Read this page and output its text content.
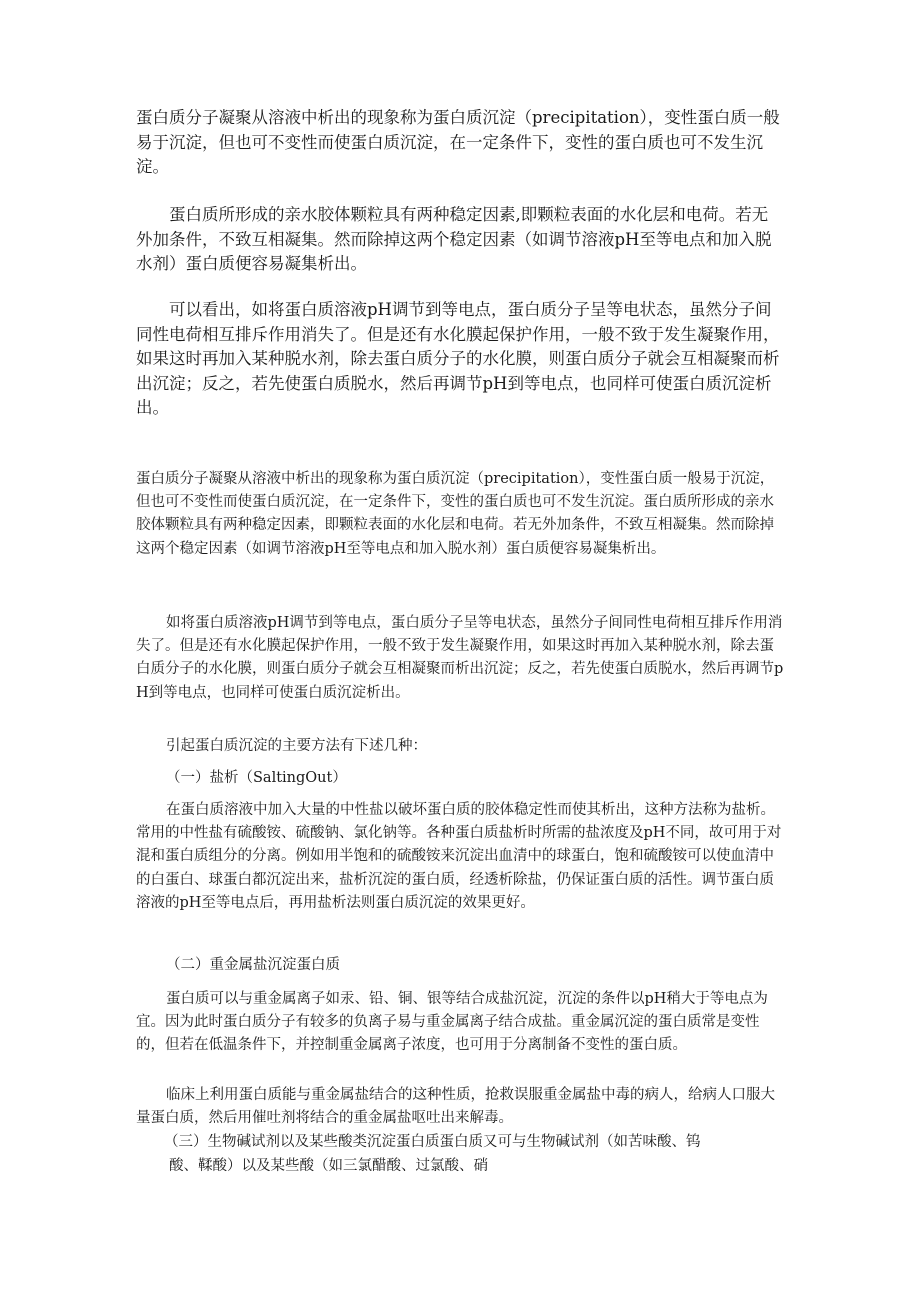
蛋白质分子凝聚从溶液中析出的现象称为蛋白质沉淀（precipitation），变性蛋白质一般易于沉淀，但也可不变性而使蛋白质沉淀，在一定条件下，变性的蛋白质也可不发生沉淀。

蛋白质所形成的亲水胶体颗粒具有两种稳定因素,即颗粒表面的水化层和电荷。若无外加条件，不致互相凝集。然而除掉这两个稳定因素（如调节溶液pH至等电点和加入脱水剂）蛋白质便容易凝集析出。

可以看出，如将蛋白质溶液pH调节到等电点，蛋白质分子呈等电状态，虽然分子间同性电荷相互排斥作用消失了。但是还有水化膜起保护作用，一般不致于发生凝聚作用，如果这时再加入某种脱水剂，除去蛋白质分子的水化膜，则蛋白质分子就会互相凝聚而析出沉淀；反之，若先使蛋白质脱水，然后再调节pH到等电点，也同样可使蛋白质沉淀析出。

蛋白质分子凝聚从溶液中析出的现象称为蛋白质沉淀（precipitation），变性蛋白质一般易于沉淀，但也可不变性而使蛋白质沉淀，在一定条件下，变性的蛋白质也可不发生沉淀。蛋白质所形成的亲水胶体颗粒具有两种稳定因素，即颗粒表面的水化层和电荷。若无外加条件，不致互相凝集。然而除掉这两个稳定因素（如调节溶液pH至等电点和加入脱水剂）蛋白质便容易凝集析出。

如将蛋白质溶液pH调节到等电点，蛋白质分子呈等电状态，虽然分子间同性电荷相互排斥作用消失了。但是还有水化膜起保护作用，一般不致于发生凝聚作用，如果这时再加入某种脱水剂，除去蛋白质分子的水化膜，则蛋白质分子就会互相凝聚而析出沉淀；反之，若先使蛋白质脱水，然后再调节pH到等电点，也同样可使蛋白质沉淀析出。

引起蛋白质沉淀的主要方法有下述几种：

（一）盐析（SaltingOut）

在蛋白质溶液中加入大量的中性盐以破坏蛋白质的胶体稳定性而使其析出，这种方法称为盐析。常用的中性盐有硫酸铵、硫酸钠、氯化钠等。各种蛋白质盐析时所需的盐浓度及pH不同，故可用于对混和蛋白质组分的分离。例如用半饱和的硫酸铵来沉淀出血清中的球蛋白，饱和硫酸铵可以使血清中的白蛋白、球蛋白都沉淀出来，盐析沉淀的蛋白质，经透析除盐，仍保证蛋白质的活性。调节蛋白质溶液的pH至等电点后，再用盐析法则蛋白质沉淀的效果更好。

（二）重金属盐沉淀蛋白质

蛋白质可以与重金属离子如汞、铅、铜、银等结合成盐沉淀，沉淀的条件以pH稍大于等电点为宜。因为此时蛋白质分子有较多的负离子易与重金属离子结合成盐。重金属沉淀的蛋白质常是变性的，但若在低温条件下，并控制重金属离子浓度，也可用于分离制备不变性的蛋白质。

临床上利用蛋白质能与重金属盐结合的这种性质，抢救误服重金属盐中毒的病人，给病人口服大量蛋白质，然后用催吐剂将结合的重金属盐呕吐出来解毒。

（三）生物碱试剂以及某些酸类沉淀蛋白质蛋白质又可与生物碱试剂（如苦味酸、钨

酸、鞣酸）以及某些酸（如三氯醋酸、过氯酸、硝
